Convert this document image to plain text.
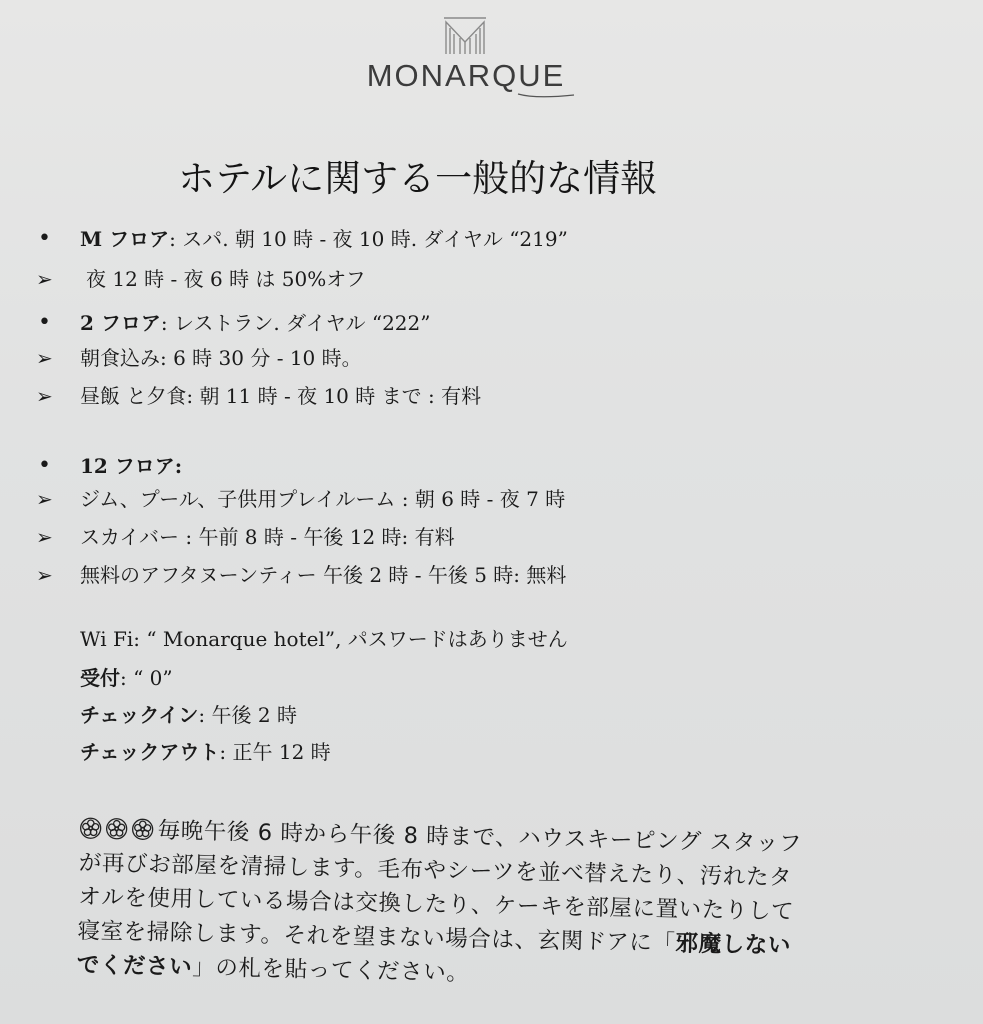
MONARQUE
ホテルに関する一般的な情報
• M フロア: スパ. 朝 10 時 - 夜 10 時. ダイヤル “219”
➢ 夜 12 時 - 夜 6 時 は 50%オフ
• 2 フロア: レストラン. ダイヤル “222”
➢ 朝食込み: 6 時 30 分 - 10 時。
➢ 昼飯 と夕食: 朝 11 時 - 夜 10 時 まで : 有料
• 12 フロア:
➢ ジム、プール、子供用プレイルーム : 朝 6 時 - 夜 7 時
➢ スカイバー : 午前 8 時 - 午後 12 時: 有料
➢ 無料のアフタヌーンティー 午後 2 時 - 午後 5 時: 無料
Wi Fi: “ Monarque hotel”, パスワードはありません
受付: “ 0”
チェックイン: 午後 2 時
チェックアウト: 正午 12 時
毎晩午後 6 時から午後 8 時まで、ハウスキーピング スタッフ
が再びお部屋を清掃します。毛布やシーツを並べ替えたり、汚れたタ
オルを使用している場合は交換したり、ケーキを部屋に置いたりして
寝室を掃除します。それを望まない場合は、玄関ドアに「邪魔しない
でください」の札を貼ってください。
